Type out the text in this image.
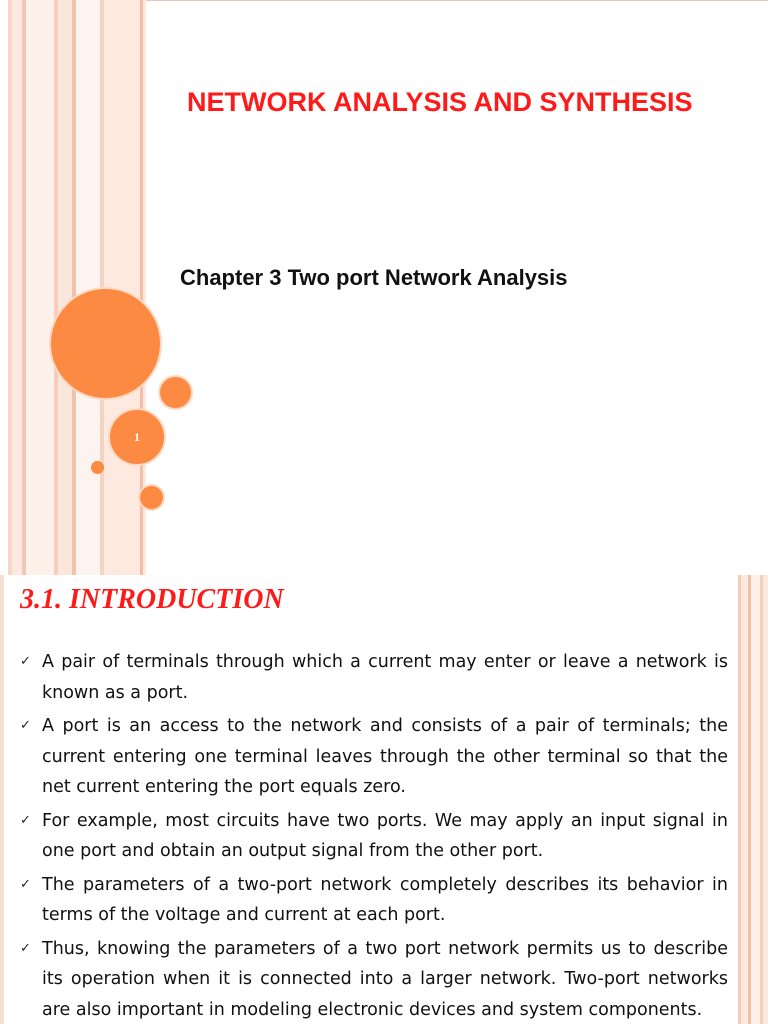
NETWORK ANALYSIS AND SYNTHESIS
Chapter 3 Two port Network Analysis
1
3.1. INTRODUCTION
✓ A pair of terminals through which a current may enter or leave a network is known as a port.
✓ A port is an access to the network and consists of a pair of terminals; the current entering one terminal leaves through the other terminal so that the net current entering the port equals zero.
✓ For example, most circuits have two ports. We may apply an input signal in one port and obtain an output signal from the other port.
✓ The parameters of a two-port network completely describes its behavior in terms of the voltage and current at each port.
✓ Thus, knowing the parameters of a two port network permits us to describe its operation when it is connected into a larger network. Two-port networks are also important in modeling electronic devices and system components.
